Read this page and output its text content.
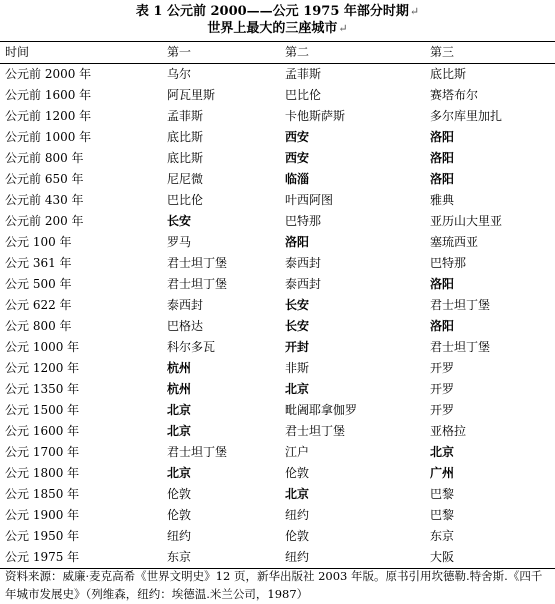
表 1 公元前 2000——公元 1975 年部分时期↵
世界上最大的三座城市↵
时间	第一	第二	第三
公元前 2000 年	乌尔	孟菲斯	底比斯
公元前 1600 年	阿瓦里斯	巴比伦	赛塔布尔
公元前 1200 年	孟菲斯	卡他斯萨斯	多尔库里加扎
公元前 1000 年	底比斯	西安	洛阳
公元前 800 年	底比斯	西安	洛阳
公元前 650 年	尼尼微	临淄	洛阳
公元前 430 年	巴比伦	叶西阿图	雅典
公元前 200 年	长安	巴特那	亚历山大里亚
公元 100 年	罗马	洛阳	塞琉西亚
公元 361 年	君士坦丁堡	泰西封	巴特那
公元 500 年	君士坦丁堡	泰西封	洛阳
公元 622 年	泰西封	长安	君士坦丁堡
公元 800 年	巴格达	长安	洛阳
公元 1000 年	科尔多瓦	开封	君士坦丁堡
公元 1200 年	杭州	非斯	开罗
公元 1350 年	杭州	北京	开罗
公元 1500 年	北京	毗阇耶拿伽罗	开罗
公元 1600 年	北京	君士坦丁堡	亚格拉
公元 1700 年	君士坦丁堡	江户	北京
公元 1800 年	北京	伦敦	广州
公元 1850 年	伦敦	北京	巴黎
公元 1900 年	伦敦	纽约	巴黎
公元 1950 年	纽约	伦敦	东京
公元 1975 年	东京	纽约	大阪
资料来源：威廉·麦克高希《世界文明史》12 页，新华出版社 2003 年版。原书引用坎德勒.特舍斯.《四千年城市发展史》（列维森，纽约：埃德温.米兰公司，1987）
